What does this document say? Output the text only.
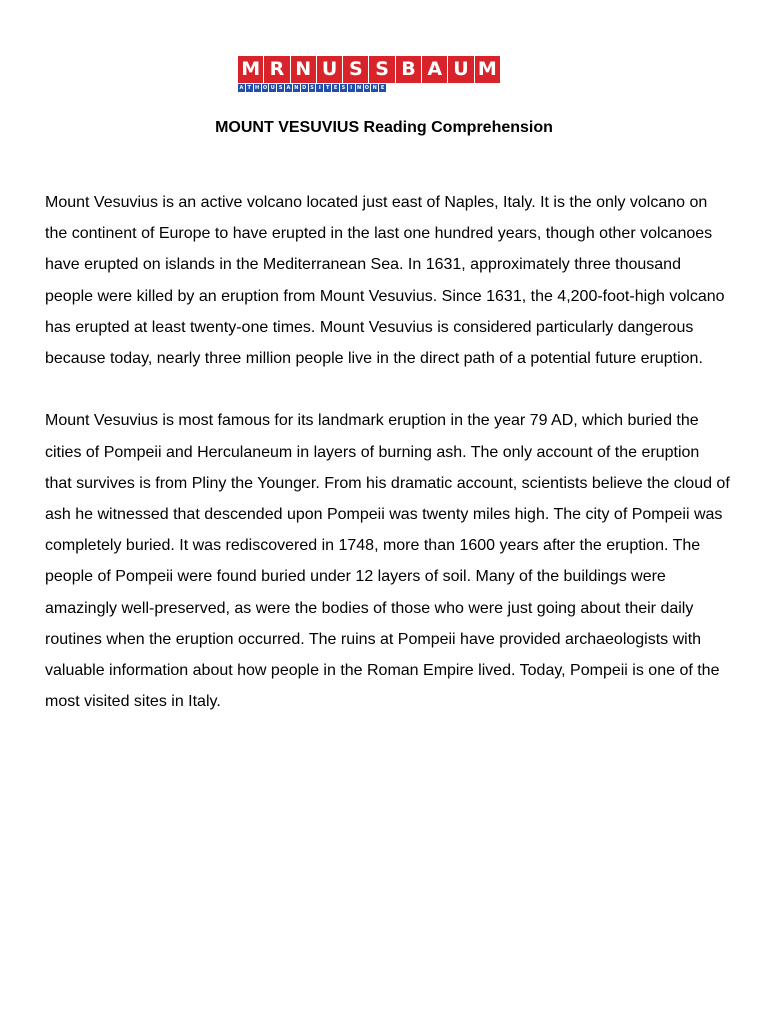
M R N U S S B A U M
A T H O U S A N D S	I	T E S	I N O N E
MOUNT VESUVIUS Reading Comprehension

Mount Vesuvius is an active volcano located just east of Naples, Italy. It is the only volcano on the continent of Europe to have erupted in the last one hundred years, though other volcanoes have erupted on islands in the Mediterranean Sea. In 1631, approximately three thousand people were killed by an eruption from Mount Vesuvius. Since 1631, the 4,200-foot-high volcano has erupted at least twenty-one times. Mount Vesuvius is considered particularly dangerous because today, nearly three million people live in the direct path of a potential future eruption.

Mount Vesuvius is most famous for its landmark eruption in the year 79 AD, which buried the cities of Pompeii and Herculaneum in layers of burning ash. The only account of the eruption that survives is from Pliny the Younger. From his dramatic account, scientists believe the cloud of ash he witnessed that descended upon Pompeii was twenty miles high. The city of Pompeii was completely buried. It was rediscovered in 1748, more than 1600 years after the eruption. The people of Pompeii were found buried under 12 layers of soil. Many of the buildings were amazingly well-preserved, as were the bodies of those who were just going about their daily routines when the eruption occurred. The ruins at Pompeii have provided archaeologists with valuable information about how people in the Roman Empire lived. Today, Pompeii is one of the most visited sites in Italy.
